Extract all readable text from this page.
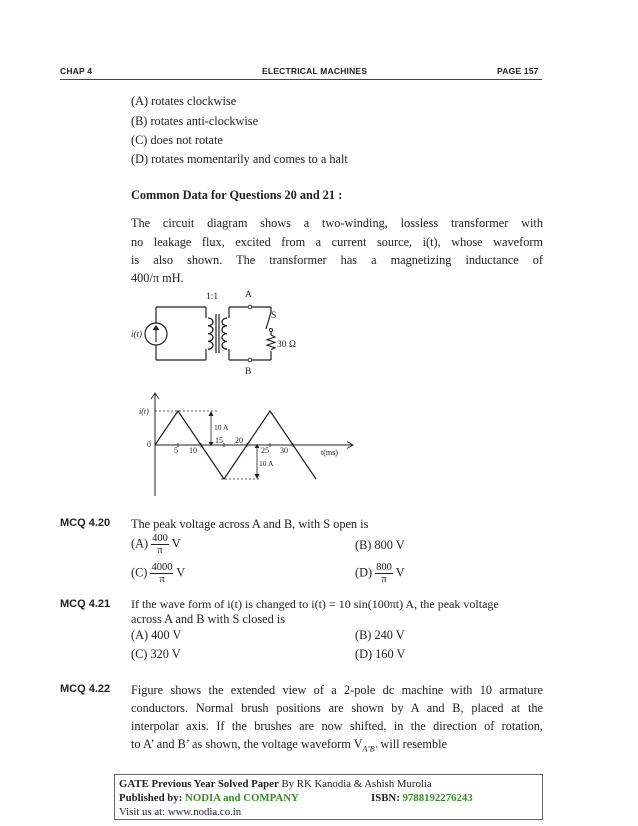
CHAP 4	ELECTRICAL MACHINES	PAGE 157
(A) rotates clockwise
(B) rotates anti-clockwise
(C) does not rotate
(D) rotates momentarily and comes to a halt
Common Data for Questions 20 and 21 :
The circuit diagram shows a two-winding, lossless transformer with
no leakage flux, excited from a current source, i(t), whose waveform
is also shown. The transformer has a magnetizing inductance of
400/π mH.
1:1	A
S
i(t)
30 Ω
B
i(t)
t(ms)
0
5 10
15 20
25 30
10 A
10 A
MCQ 4.20 The peak voltage across A and B, with S open is
$(A) \frac{400}{\pi}$ V	(B) 800 V
$(C) \frac{4000}{\pi}$ V	$(D) \frac{800}{\pi}$ V
MCQ 4.21 If the wave form of i(t) is changed to i(t) = 10 sin(100πt) A, the peak voltage
across A and B with S closed is
(A) 400 V	(B) 240 V
(C) 320 V	(D) 160 V
MCQ 4.22 Figure shows the extended view of a 2-pole dc machine with 10 armature
conductors. Normal brush positions are shown by A and B, placed at the
interpolar axis. If the brushes are now shifted, in the direction of rotation,
to A’ and B’ as shown, the voltage waveform $V_{A’B’}$ will resemble
GATE Previous Year Solved Paper By RK Kanodia & Ashish Murolia
Published by: NODIA and COMPANY	ISBN: 9788192276243
Visit us at: www.nodia.co.in
